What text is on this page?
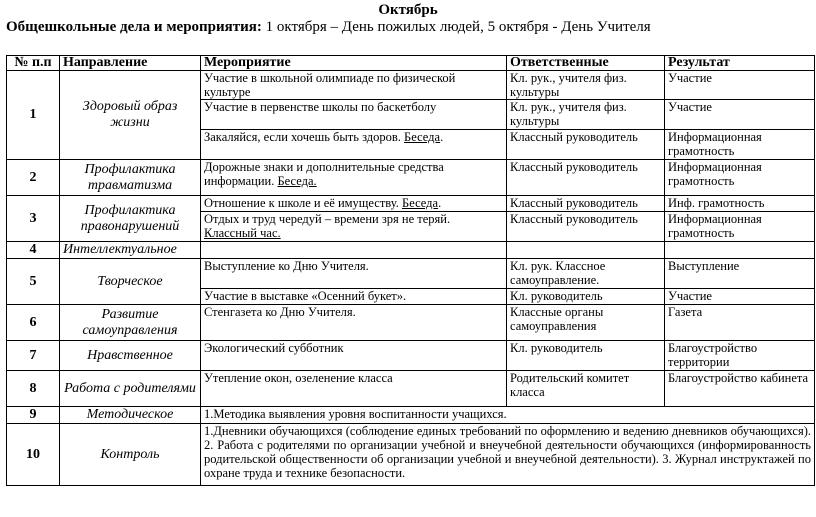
Октябрь
Общешкольные дела и мероприятия: 1 октября – День пожилых людей, 5 октября - День Учителя
№ п.п	Направление	Мероприятие	Ответственные	Результат
1	Здоровый образ жизни	Участие в школьной олимпиаде по физической культуре	Кл. рук., учителя физ. культуры	Участие
		Участие в первенстве школы по баскетболу	Кл. рук., учителя физ. культуры	Участие
		Закаляйся, если хочешь быть здоров. Беседа.	Классный руководитель	Информационная грамотность
2	Профилактика травматизма	Дорожные знаки и дополнительные средства информации. Беседа.	Классный руководитель	Информационная грамотность
3	Профилактика правонарушений	Отношение к школе и её имуществу. Беседа.	Классный руководитель	Инф. грамотность
		Отдых и труд чередуй – времени зря не теряй. Классный час.	Классный руководитель	Информационная грамотность
4	Интеллектуальное			
5	Творческое	Выступление ко Дню Учителя.	Кл. рук. Классное самоуправление.	Выступление
		Участие в выставке «Осенний букет».	Кл. руководитель	Участие
6	Развитие самоуправления	Стенгазета ко Дню Учителя.	Классные органы самоуправления	Газета
7	Нравственное	Экологический субботник	Кл. руководитель	Благоустройство территории
8	Работа с родителями	Утепление окон, озеленение класса	Родительский комитет класса	Благоустройство кабинета
9	Методическое	1.Методика выявления уровня воспитанности учащихся.		
10	Контроль	1.Дневники обучающихся (соблюдение единых требований по оформлению и ведению дневников обучающихся). 2. Работа с родителями по организации учебной и внеучебной деятельности обучающихся (информированность родительской общественности об организации учебной и внеучебной деятельности). 3. Журнал инструктажей по охране труда и технике безопасности.		
